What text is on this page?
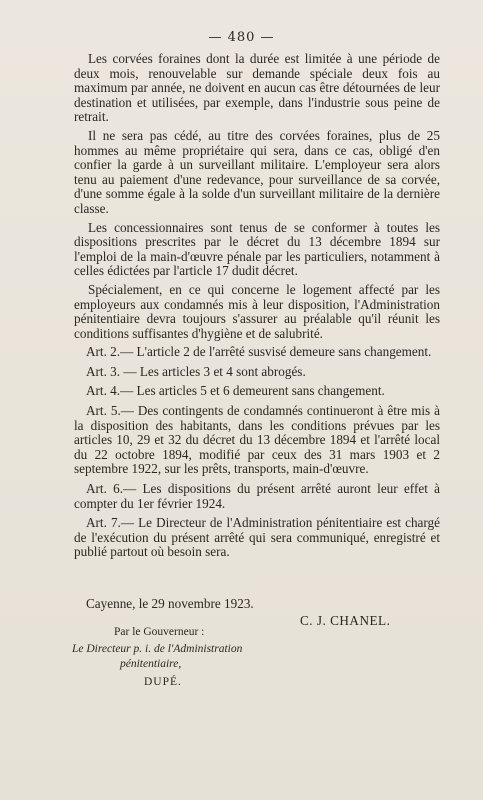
— 480 —

Les corvées foraines dont la durée est limitée à une période de deux mois, renouvelable sur demande spéciale deux fois au maximum par année, ne doivent en aucun cas être détournées de leur destination et utilisées, par exemple, dans l'industrie sous peine de retrait.

Il ne sera pas cédé, au titre des corvées foraines, plus de 25 hommes au même propriétaire qui sera, dans ce cas, obligé d'en confier la garde à un surveillant militaire. L'employeur sera alors tenu au paiement d'une redevance, pour surveillance de sa corvée, d'une somme égale à la solde d'un surveillant militaire de la dernière classe.

Les concessionnaires sont tenus de se conformer à toutes les dispositions prescrites par le décret du 13 décembre 1894 sur l'emploi de la main-d'œuvre pénale par les particuliers, notamment à celles édictées par l'article 17 dudit décret.

Spécialement, en ce qui concerne le logement affecté par les employeurs aux condamnés mis à leur disposition, l'Administration pénitentiaire devra toujours s'assurer au préalable qu'il réunit les conditions suffisantes d'hygiène et de salubrité.

Art. 2.— L'article 2 de l'arrêté susvisé demeure sans changement.

Art. 3. — Les articles 3 et 4 sont abrogés.

Art. 4.— Les articles 5 et 6 demeurent sans changement.

Art. 5.— Des contingents de condamnés continueront à être mis à la disposition des habitants, dans les conditions prévues par les articles 10, 29 et 32 du décret du 13 décembre 1894 et l'arrêté local du 22 octobre 1894, modifié par ceux des 31 mars 1903 et 2 septembre 1922, sur les prêts, transports, main-d'œuvre.

Art. 6.— Les dispositions du présent arrêté auront leur effet à compter du 1er février 1924.

Art. 7.— Le Directeur de l'Administration pénitentiaire est chargé de l'exécution du présent arrêté qui sera communiqué, enregistré et publié partout où besoin sera.

Cayenne, le 29 novembre 1923.
C. J. CHANEL.
Par le Gouverneur :
Le Directeur p. i. de l'Administration
pénitentiaire,
DUPÉ.
